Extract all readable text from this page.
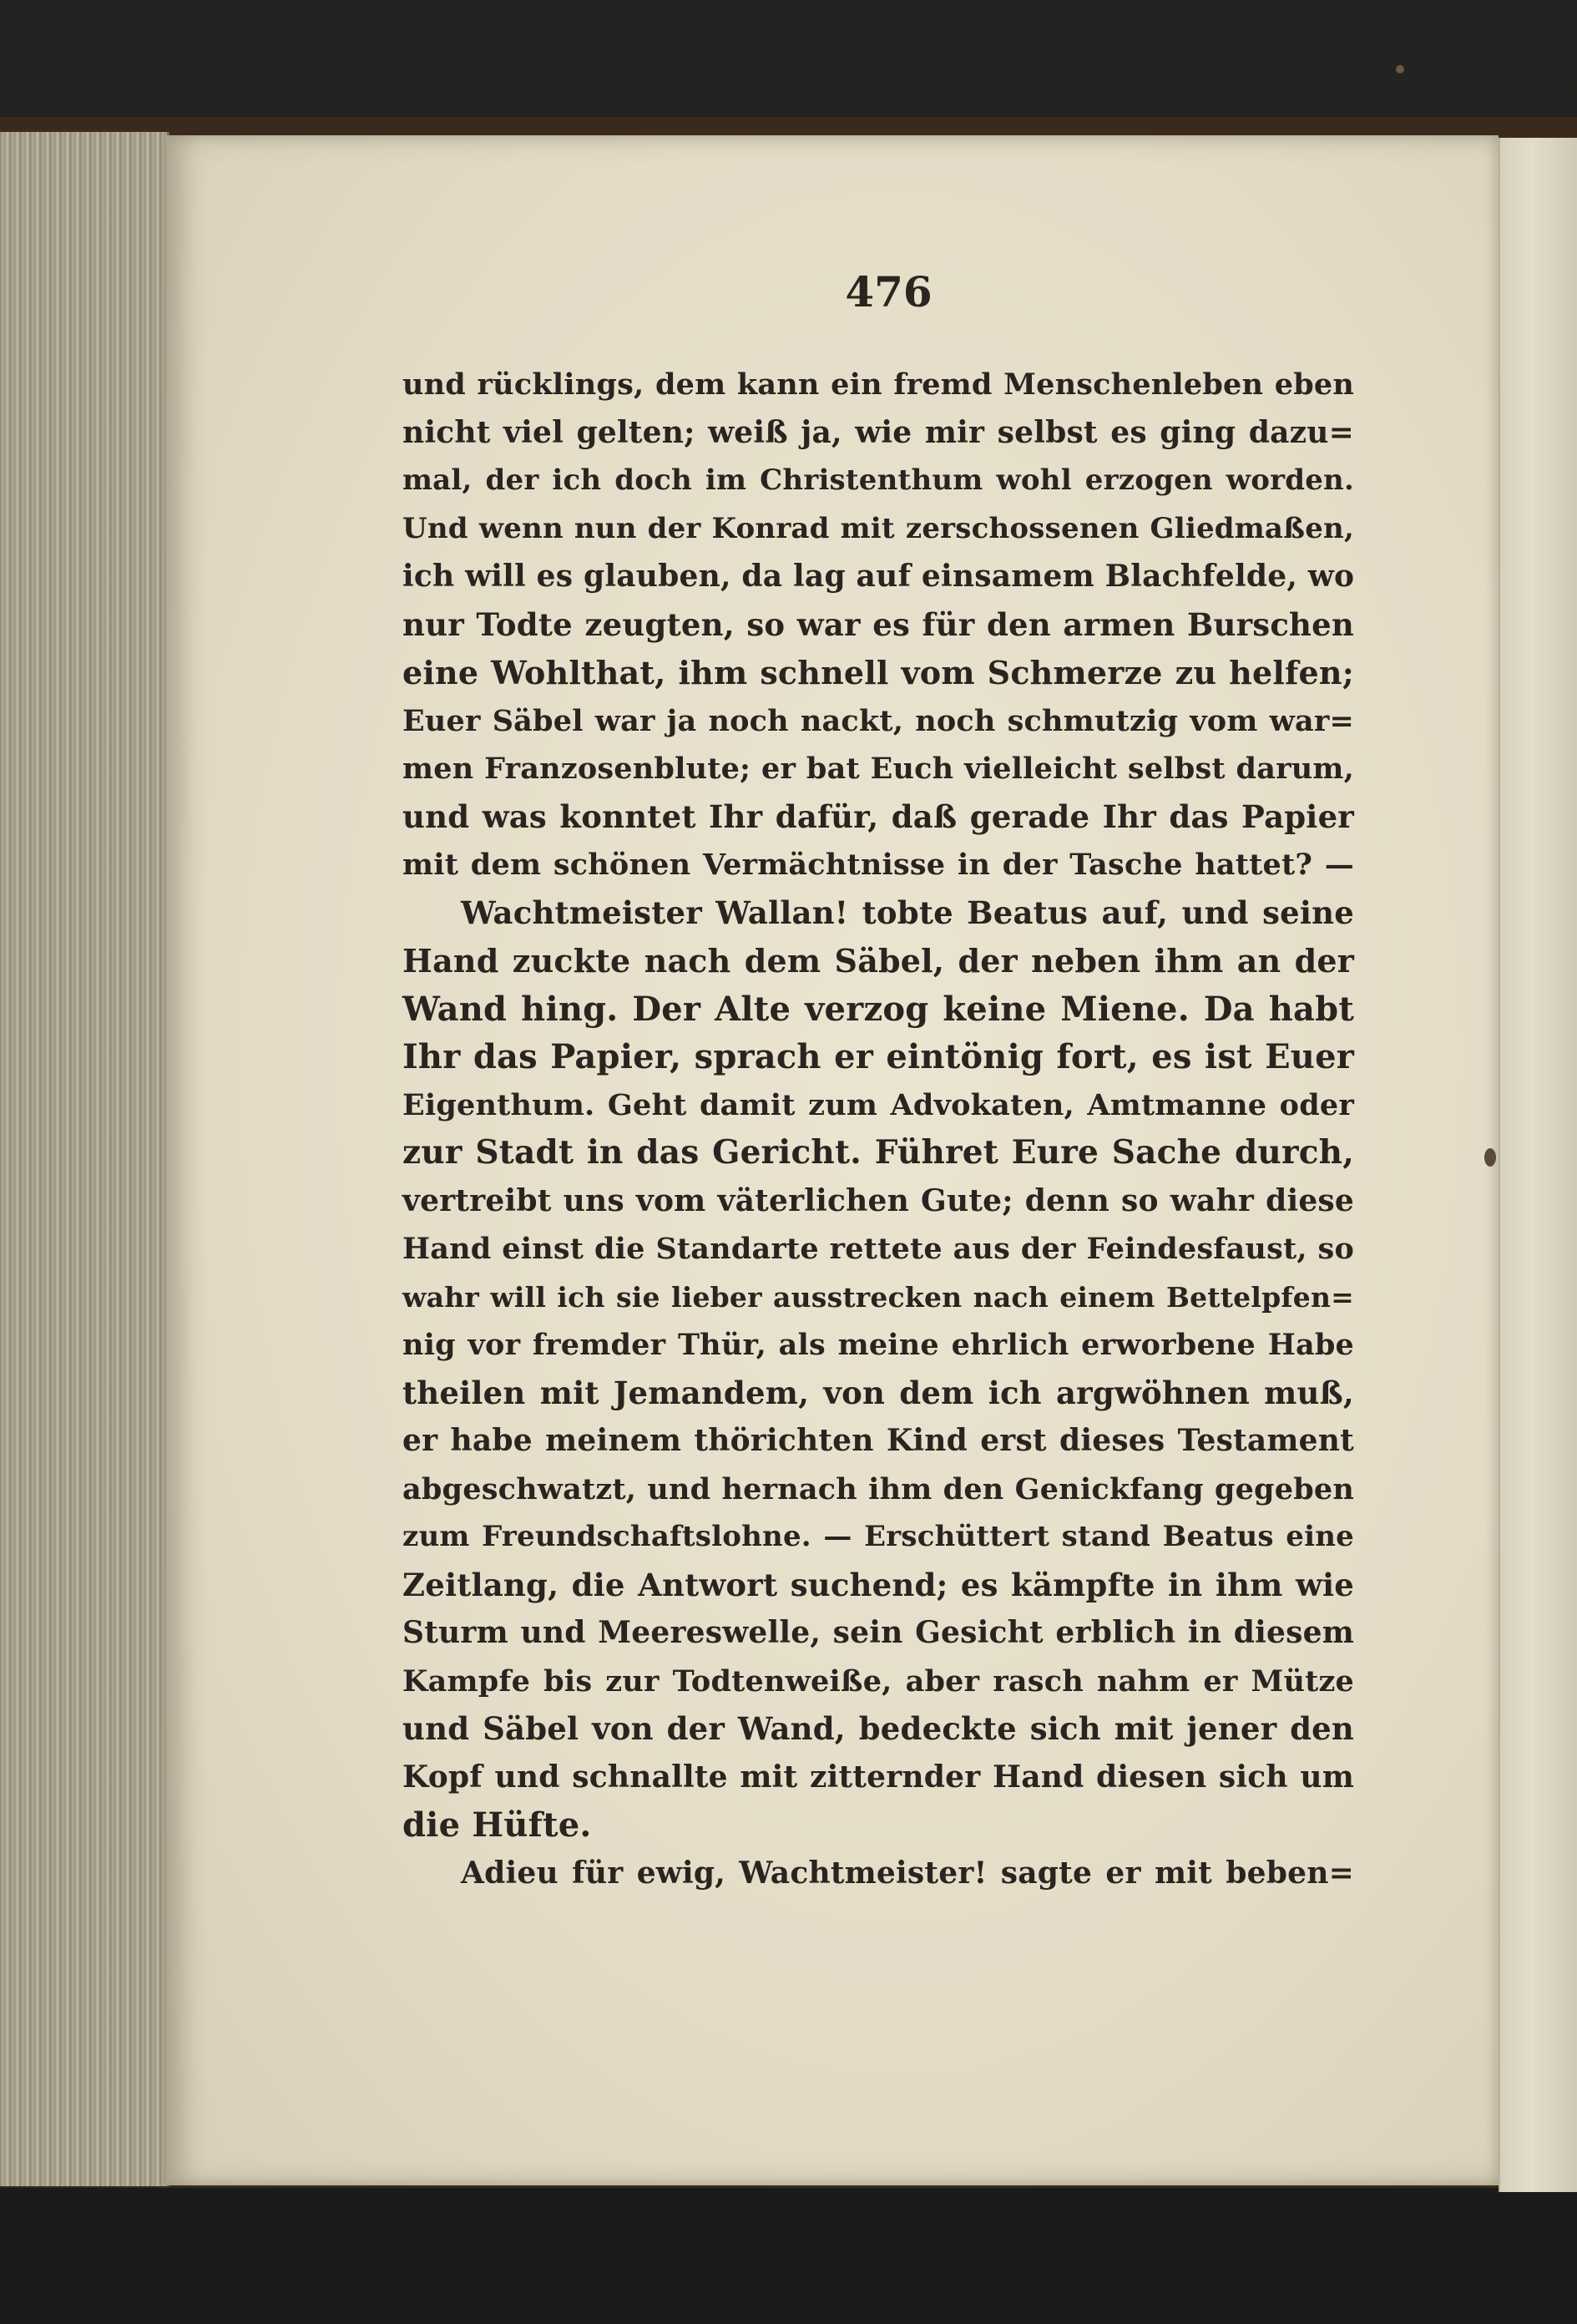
476
und rücklings, dem kann ein fremd Menschenleben eben
nicht viel gelten; weiß ja, wie mir selbst es ging dazu=
mal, der ich doch im Christenthum wohl erzogen worden.
Und wenn nun der Konrad mit zerschossenen Gliedmaßen,
ich will es glauben, da lag auf einsamem Blachfelde, wo
nur Todte zeugten, so war es für den armen Burschen
eine Wohlthat, ihm schnell vom Schmerze zu helfen;
Euer Säbel war ja noch nackt, noch schmutzig vom war=
men Franzosenblute; er bat Euch vielleicht selbst darum,
und was konntet Ihr dafür, daß gerade Ihr das Papier
mit dem schönen Vermächtnisse in der Tasche hattet? —
Wachtmeister Wallan! tobte Beatus auf, und seine
Hand zuckte nach dem Säbel, der neben ihm an der
Wand hing. Der Alte verzog keine Miene. Da habt
Ihr das Papier, sprach er eintönig fort, es ist Euer
Eigenthum. Geht damit zum Advokaten, Amtmanne oder
zur Stadt in das Gericht. Führet Eure Sache durch,
vertreibt uns vom väterlichen Gute; denn so wahr diese
Hand einst die Standarte rettete aus der Feindesfaust, so
wahr will ich sie lieber ausstrecken nach einem Bettelpfen=
nig vor fremder Thür, als meine ehrlich erworbene Habe
theilen mit Jemandem, von dem ich argwöhnen muß,
er habe meinem thörichten Kind erst dieses Testament
abgeschwatzt, und hernach ihm den Genickfang gegeben
zum Freundschaftslohne. — Erschüttert stand Beatus eine
Zeitlang, die Antwort suchend; es kämpfte in ihm wie
Sturm und Meereswelle, sein Gesicht erblich in diesem
Kampfe bis zur Todtenweiße, aber rasch nahm er Mütze
und Säbel von der Wand, bedeckte sich mit jener den
Kopf und schnallte mit zitternder Hand diesen sich um
die Hüfte.
Adieu für ewig, Wachtmeister! sagte er mit beben=
